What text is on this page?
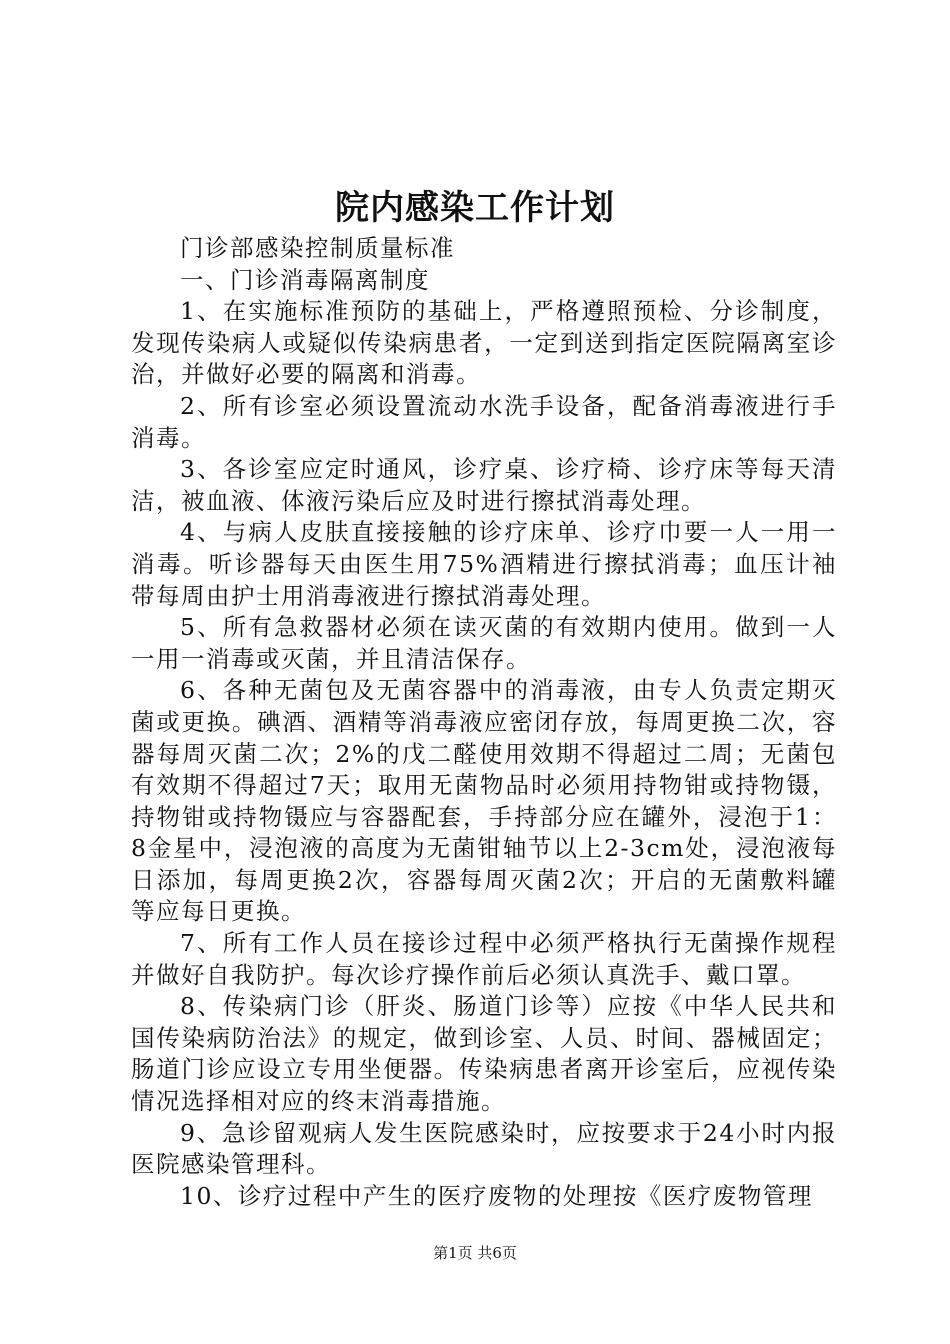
院内感染工作计划

门诊部感染控制质量标准

一、门诊消毒隔离制度

1、在实施标准预防的基础上，严格遵照预检、分诊制度，发现传染病人或疑似传染病患者，一定到送到指定医院隔离室诊治，并做好必要的隔离和消毒。

2、所有诊室必须设置流动水洗手设备，配备消毒液进行手消毒。

3、各诊室应定时通风，诊疗桌、诊疗椅、诊疗床等每天清洁，被血液、体液污染后应及时进行擦拭消毒处理。

4、与病人皮肤直接接触的诊疗床单、诊疗巾要一人一用一消毒。听诊器每天由医生用75%酒精进行擦拭消毒；血压计袖带每周由护士用消毒液进行擦拭消毒处理。

5、所有急救器材必须在读灭菌的有效期内使用。做到一人一用一消毒或灭菌，并且清洁保存。

6、各种无菌包及无菌容器中的消毒液，由专人负责定期灭菌或更换。碘酒、酒精等消毒液应密闭存放，每周更换二次，容器每周灭菌二次；2%的戊二醛使用效期不得超过二周；无菌包有效期不得超过7天；取用无菌物品时必须用持物钳或持物镊，持物钳或持物镊应与容器配套，手持部分应在罐外，浸泡于1：8金星中，浸泡液的高度为无菌钳轴节以上2-3cm处，浸泡液每日添加，每周更换2次，容器每周灭菌2次；开启的无菌敷料罐等应每日更换。

7、所有工作人员在接诊过程中必须严格执行无菌操作规程并做好自我防护。每次诊疗操作前后必须认真洗手、戴口罩。

8、传染病门诊（肝炎、肠道门诊等）应按《中华人民共和国传染病防治法》的规定，做到诊室、人员、时间、器械固定；肠道门诊应设立专用坐便器。传染病患者离开诊室后，应视传染情况选择相对应的终末消毒措施。

9、急诊留观病人发生医院感染时，应按要求于24小时内报医院感染管理科。

10、诊疗过程中产生的医疗废物的处理按《医疗废物管理

第1页 共6页
